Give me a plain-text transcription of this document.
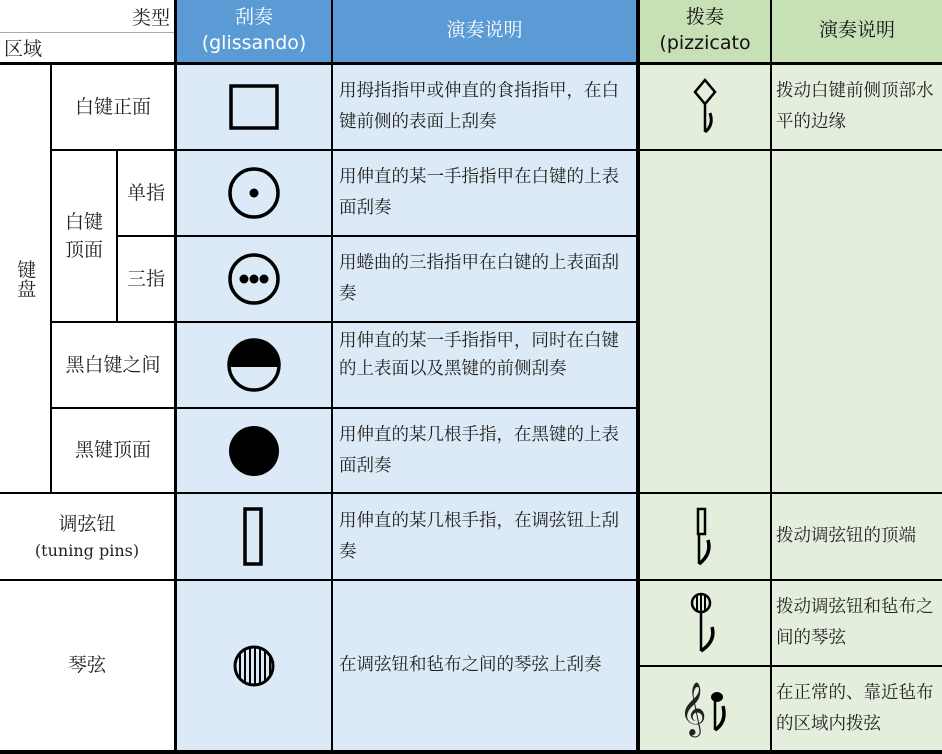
类型
区域
刮奏
(glissando)
演奏说明
拨奏
(pizzicato
演奏说明
键盘
白键正面
白键顶面
单指
三指
黑白键之间
黑键顶面
调弦钮
(tuning pins)
琴弦
用拇指指甲或伸直的食指指甲，在白键前侧的表面上刮奏
用伸直的某一手指指甲在白键的上表面刮奏
用蜷曲的三指指甲在白键的上表面刮奏
用伸直的某一手指指甲，同时在白键的上表面以及黑键的前侧刮奏
用伸直的某几根手指，在黑键的上表面刮奏
用伸直的某几根手指，在调弦钮上刮奏
在调弦钮和毡布之间的琴弦上刮奏
𝄞
拨动白键前侧顶部水平的边缘
拨动调弦钮的顶端
拨动调弦钮和毡布之间的琴弦
在正常的、靠近毡布的区域内拨弦
